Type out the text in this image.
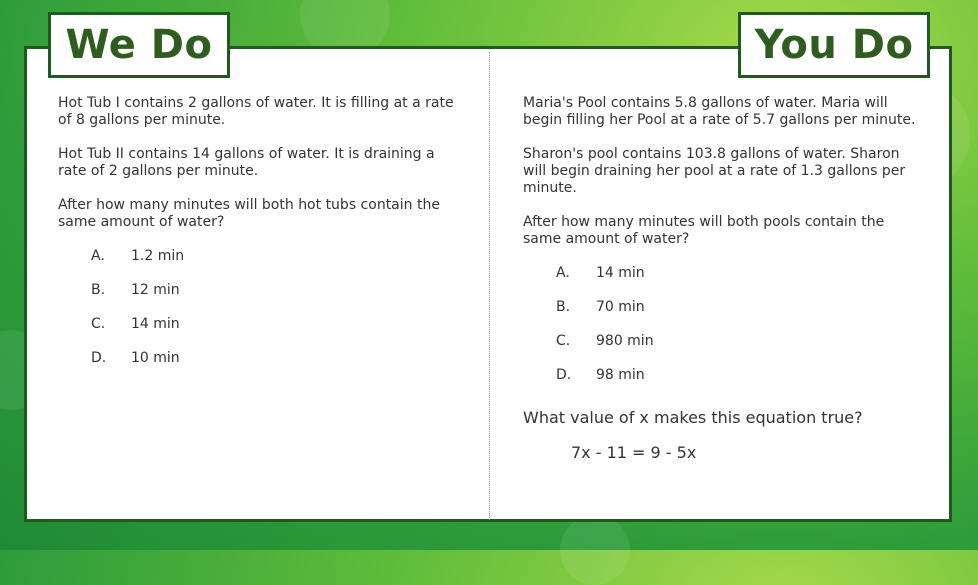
We Do	You Do

Hot Tub I contains 2 gallons of water. It is filling at a rate of 8 gallons per minute.

Hot Tub II contains 14 gallons of water. It is draining a rate of 2 gallons per minute.

After how many minutes will both hot tubs contain the same amount of water?

A.	1.2 min
B.	12 min
C.	14 min
D.	10 min

Maria's Pool contains 5.8 gallons of water. Maria will begin filling her Pool at a rate of 5.7 gallons per minute.

Sharon's pool contains 103.8 gallons of water. Sharon will begin draining her pool at a rate of 1.3 gallons per minute.

After how many minutes will both pools contain the same amount of water?

A.	14 min
B.	70 min
C.	980 min
D.	98 min
What value of x makes this equation true?
7x - 11 = 9 - 5x
